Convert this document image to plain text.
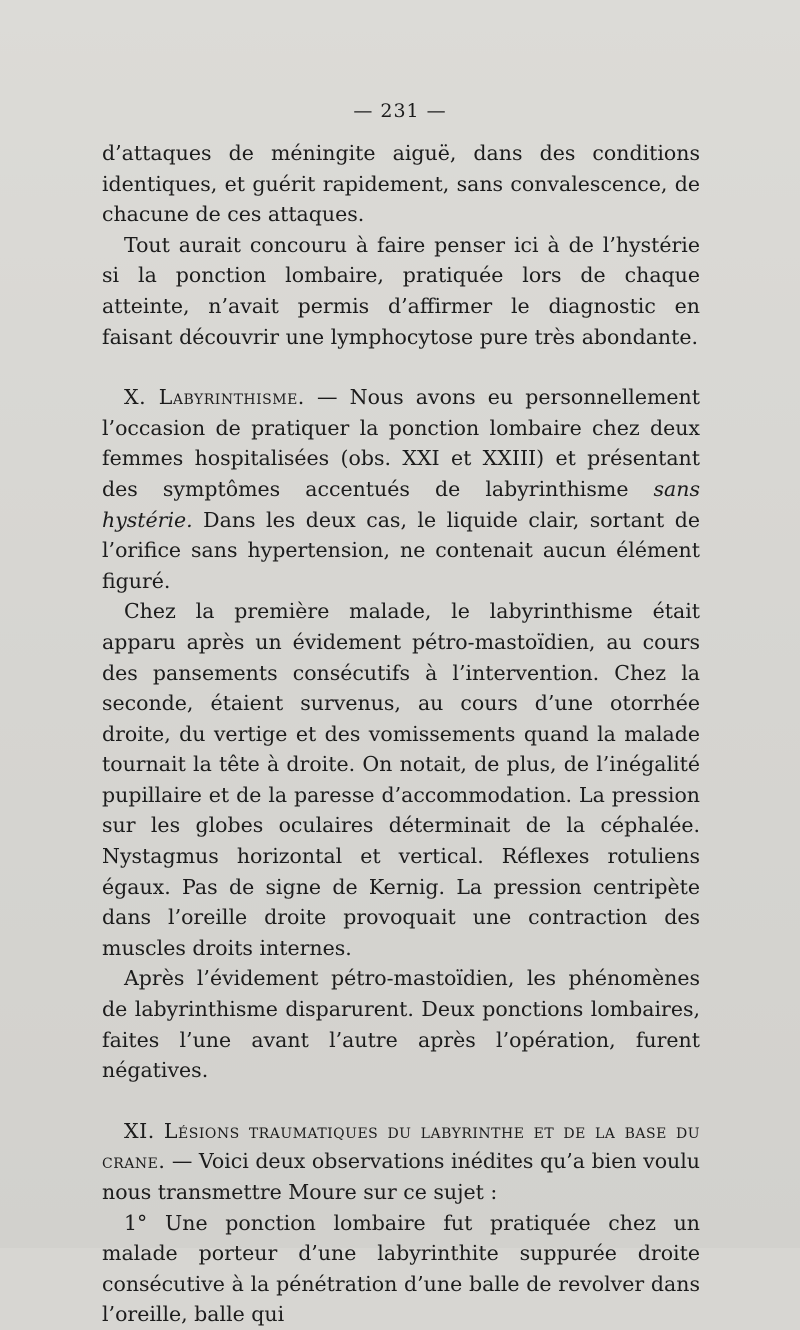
— 231 —

d’attaques de méningite aiguë, dans des conditions identiques, et guérit rapidement, sans convalescence, de chacune de ces attaques.

Tout aurait concouru à faire penser ici à de l’hystérie si la ponction lombaire, pratiquée lors de chaque atteinte, n’avait permis d’affirmer le diagnostic en faisant découvrir une lymphocytose pure très abondante.

X. Labyrinthisme. — Nous avons eu personnellement l’occasion de pratiquer la ponction lombaire chez deux femmes hospitalisées (obs. XXI et XXIII) et présentant des symptômes accentués de labyrinthisme sans hystérie. Dans les deux cas, le liquide clair, sortant de l’orifice sans hypertension, ne contenait aucun élément figuré.

Chez la première malade, le labyrinthisme était apparu après un évidement pétro-mastoïdien, au cours des pansements consécutifs à l’intervention. Chez la seconde, étaient survenus, au cours d’une otorrhée droite, du vertige et des vomissements quand la malade tournait la tête à droite. On notait, de plus, de l’inégalité pupillaire et de la paresse d’accommodation. La pression sur les globes oculaires déterminait de la céphalée. Nystagmus horizontal et vertical. Réflexes rotuliens égaux. Pas de signe de Kernig. La pression centripète dans l’oreille droite provoquait une contraction des muscles droits internes.

Après l’évidement pétro-mastoïdien, les phénomènes de labyrinthisme disparurent. Deux ponctions lombaires, faites l’une avant l’autre après l’opération, furent négatives.

XI. Lésions traumatiques du labyrinthe et de la base du crane. — Voici deux observations inédites qu’a bien voulu nous transmettre Moure sur ce sujet :

1° Une ponction lombaire fut pratiquée chez un malade porteur d’une labyrinthite suppurée droite consécutive à la pénétration d’une balle de revolver dans l’oreille, balle qui
